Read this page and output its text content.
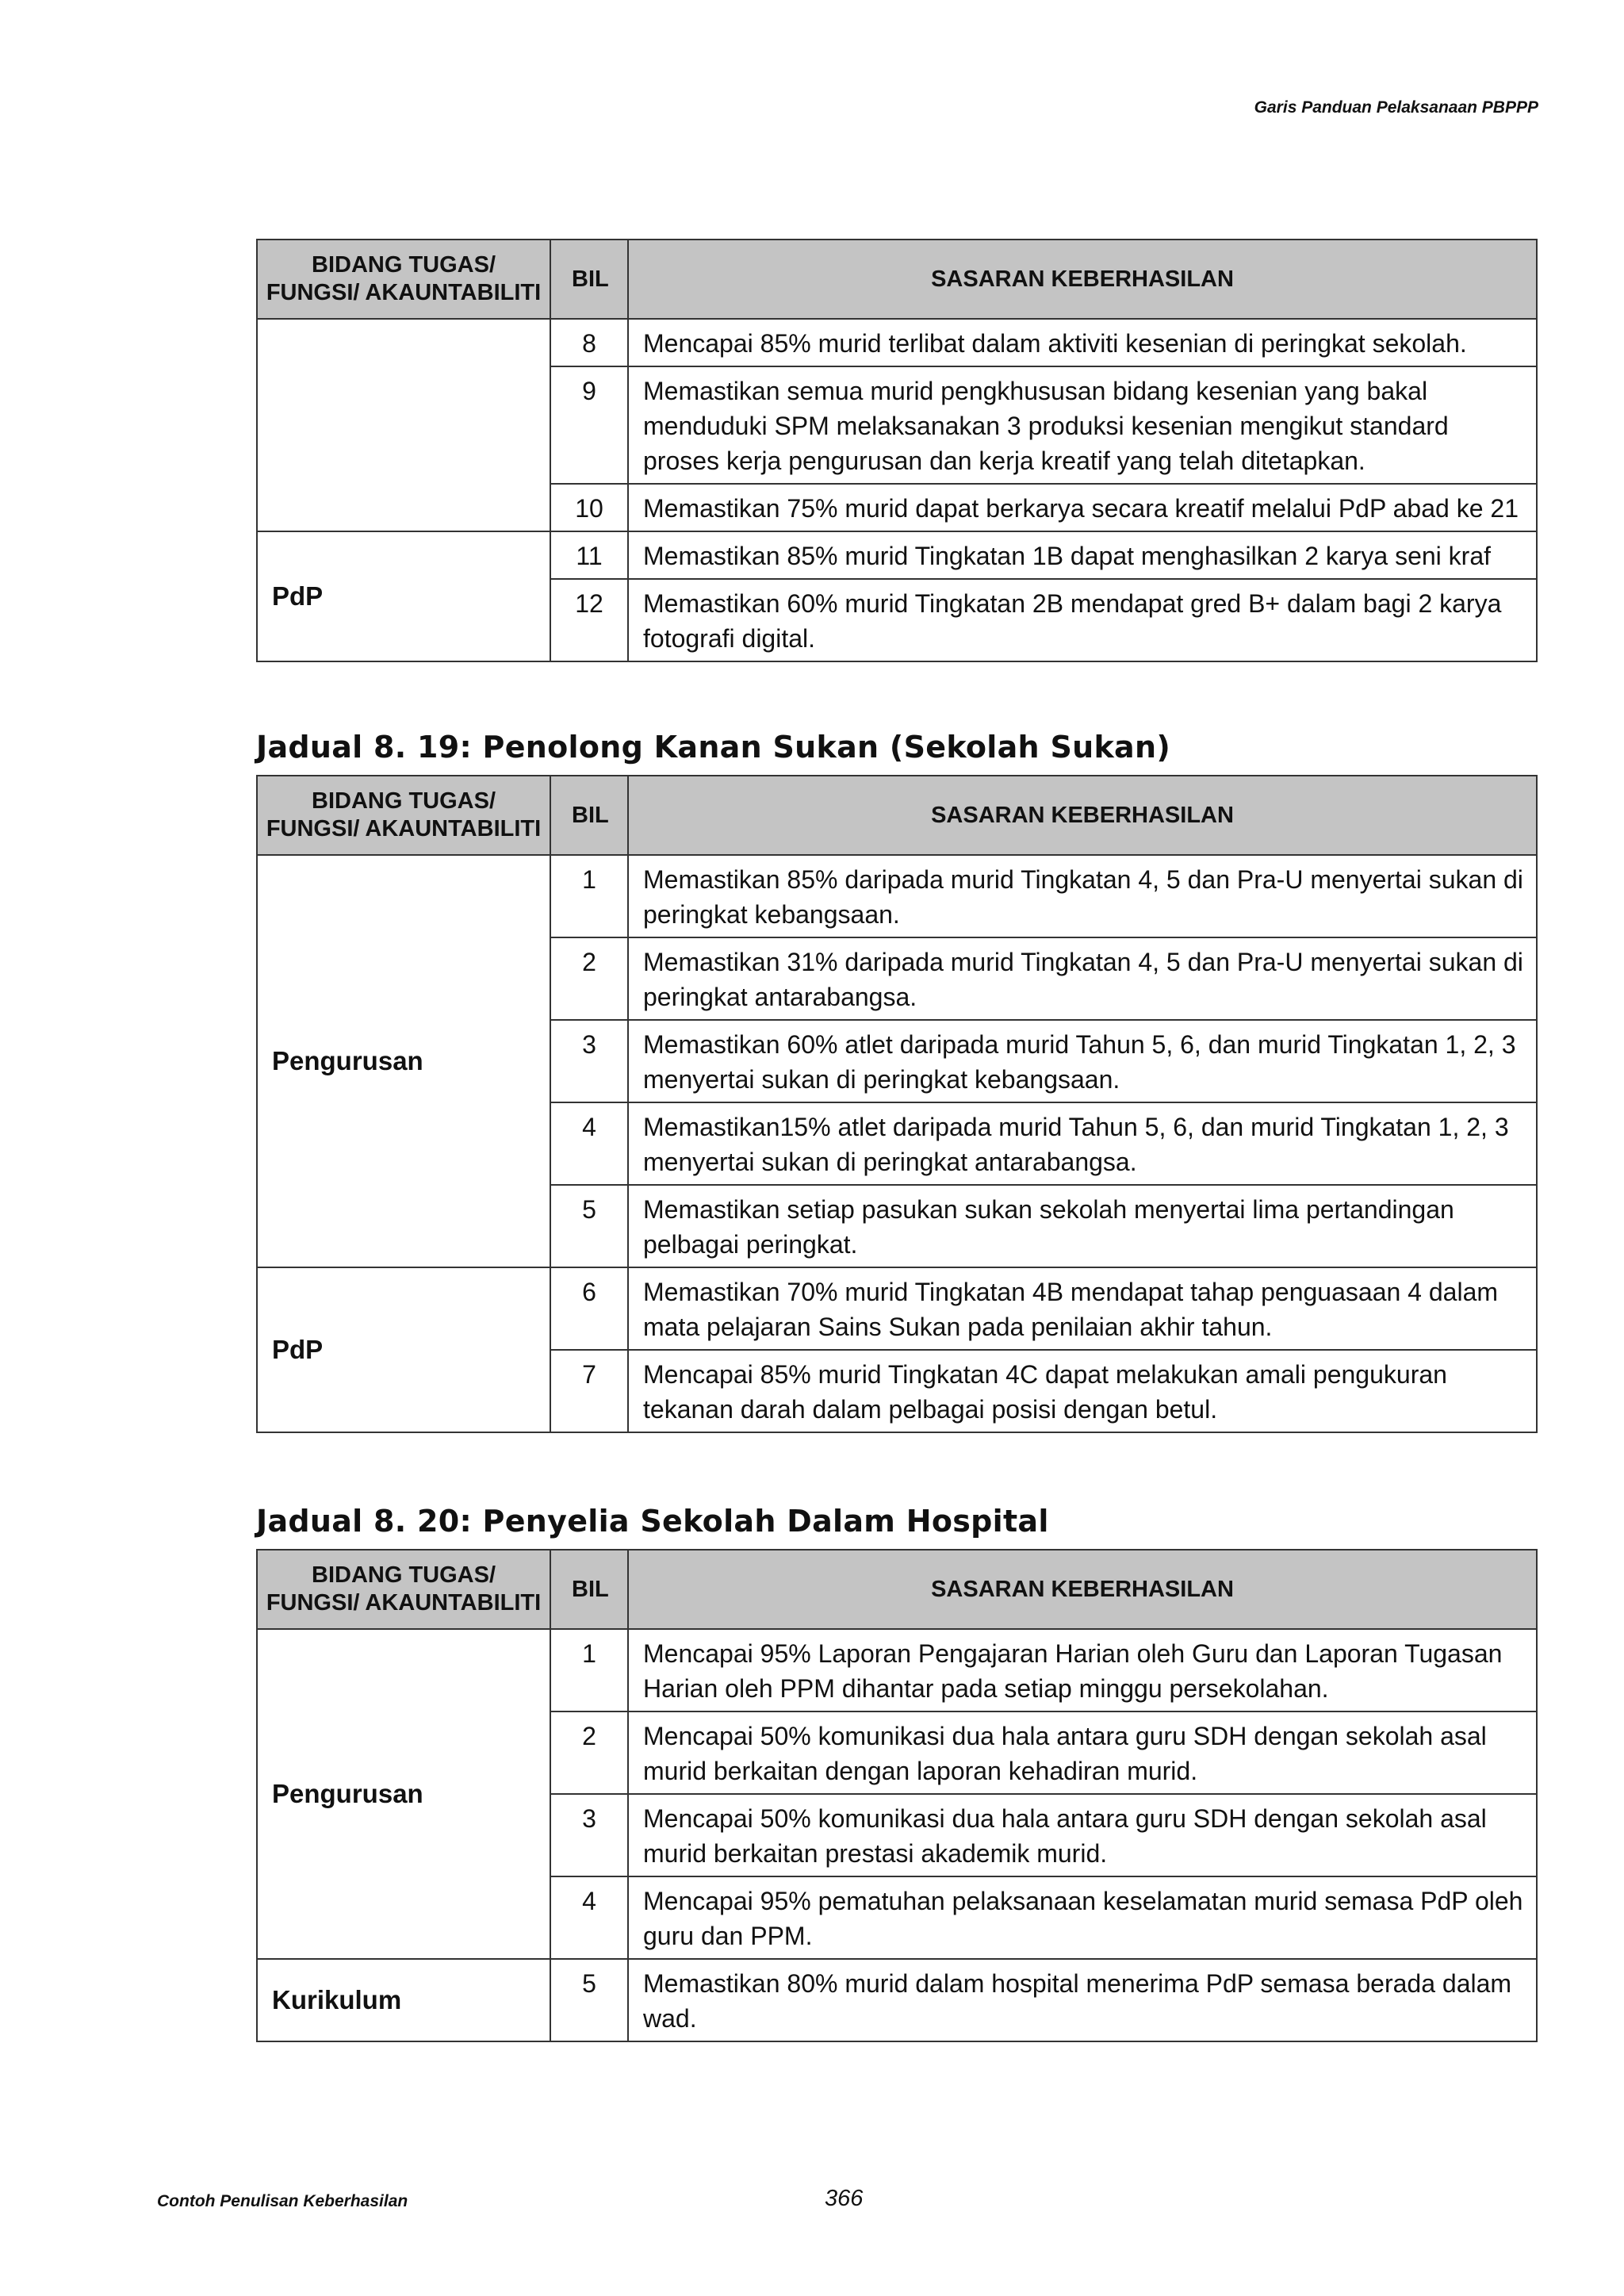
Garis Panduan Pelaksanaan PBPPP
BIDANG TUGAS/
FUNGSI/ AKAUNTABILITI	BIL	SASARAN KEBERHASILAN
	8	Mencapai 85% murid terlibat dalam aktiviti kesenian di peringkat sekolah.
	9	Memastikan semua murid pengkhususan bidang kesenian yang bakal menduduki SPM melaksanakan 3 produksi kesenian mengikut standard proses kerja pengurusan dan kerja kreatif yang telah ditetapkan.
	10	Memastikan 75% murid dapat berkarya secara kreatif melalui PdP abad ke 21
PdP	11	Memastikan 85% murid Tingkatan 1B dapat menghasilkan 2 karya seni kraf
	12	Memastikan 60% murid Tingkatan 2B mendapat gred B+ dalam bagi 2 karya fotografi digital.
Jadual 8. 19: Penolong Kanan Sukan (Sekolah Sukan)
BIDANG TUGAS/
FUNGSI/ AKAUNTABILITI	BIL	SASARAN KEBERHASILAN
Pengurusan	1	Memastikan 85% daripada murid Tingkatan 4, 5 dan Pra-U menyertai sukan di peringkat kebangsaan.
	2	Memastikan 31% daripada murid Tingkatan 4, 5 dan Pra-U menyertai sukan di peringkat antarabangsa.
	3	Memastikan 60% atlet daripada murid Tahun 5, 6, dan murid Tingkatan 1, 2, 3 menyertai sukan di peringkat kebangsaan.
	4	Memastikan15% atlet daripada murid Tahun 5, 6, dan murid Tingkatan 1, 2, 3 menyertai sukan di peringkat antarabangsa.
	5	Memastikan setiap pasukan sukan sekolah menyertai lima pertandingan pelbagai peringkat.
PdP	6	Memastikan 70% murid Tingkatan 4B mendapat tahap penguasaan 4 dalam mata pelajaran Sains Sukan pada penilaian akhir tahun.
	7	Mencapai 85% murid Tingkatan 4C dapat melakukan amali pengukuran tekanan darah dalam pelbagai posisi dengan betul.
Jadual 8. 20: Penyelia Sekolah Dalam Hospital
BIDANG TUGAS/
FUNGSI/ AKAUNTABILITI	BIL	SASARAN KEBERHASILAN
Pengurusan	1	Mencapai 95% Laporan Pengajaran Harian oleh Guru dan Laporan Tugasan Harian oleh PPM dihantar pada setiap minggu persekolahan.
	2	Mencapai 50% komunikasi dua hala antara guru SDH dengan sekolah asal murid berkaitan dengan laporan kehadiran murid.
	3	Mencapai 50% komunikasi dua hala antara guru SDH dengan sekolah asal murid berkaitan prestasi akademik murid.
	4	Mencapai 95% pematuhan pelaksanaan keselamatan murid semasa PdP oleh guru dan PPM.
Kurikulum	5	Memastikan 80% murid dalam hospital menerima PdP semasa berada dalam wad.
Contoh Penulisan Keberhasilan	366
